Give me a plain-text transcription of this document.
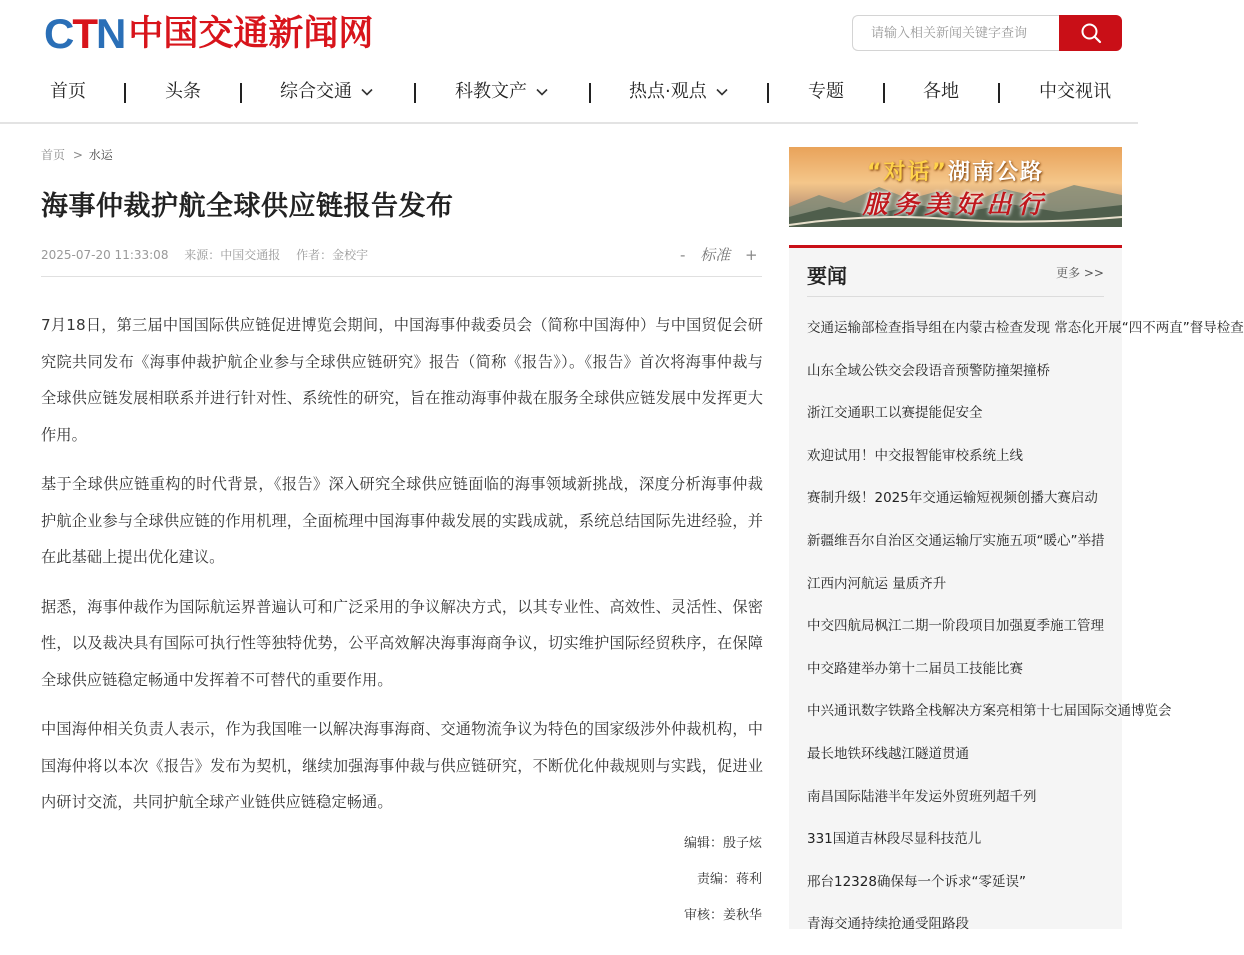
CTN 中国交通新闻网
请输入相关新闻关键字查询
首页	头条	综合交通	科教文产	热点·观点	专题	各地	中交视讯
首页 > 水运
海事仲裁护航全球供应链报告发布
2025-07-20 11:33:08 来源：中国交通报 作者：金校宇	- 标准 +

7月18日，第三届中国国际供应链促进博览会期间，中国海事仲裁委员会（简称中国海仲）与中国贸促会研究院共同发布《海事仲裁护航企业参与全球供应链研究》报告（简称《报告》）。《报告》首次将海事仲裁与全球供应链发展相联系并进行针对性、系统性的研究，旨在推动海事仲裁在服务全球供应链发展中发挥更大作用。

基于全球供应链重构的时代背景，《报告》深入研究全球供应链面临的海事领域新挑战，深度分析海事仲裁护航企业参与全球供应链的作用机理，全面梳理中国海事仲裁发展的实践成就，系统总结国际先进经验，并在此基础上提出优化建议。

据悉，海事仲裁作为国际航运界普遍认可和广泛采用的争议解决方式，以其专业性、高效性、灵活性、保密性，以及裁决具有国际可执行性等独特优势，公平高效解决海事海商争议，切实维护国际经贸秩序，在保障全球供应链稳定畅通中发挥着不可替代的重要作用。

中国海仲相关负责人表示，作为我国唯一以解决海事海商、交通物流争议为特色的国家级涉外仲裁机构，中国海仲将以本次《报告》发布为契机，继续加强海事仲裁与供应链研究，不断优化仲裁规则与实践，促进业内研讨交流，共同护航全球产业链供应链稳定畅通。

编辑：殷子炫
责编：蒋利
审核：姜秋华
“对话”湖南公路
服务美好出行
要闻	更多 >>
交通运输部检查指导组在内蒙古检查发现 常态化开展“四不两直”督导检查
山东全域公铁交会段语音预警防撞架撞桥
浙江交通职工以赛提能促安全
欢迎试用！中交报智能审校系统上线
赛制升级！2025年交通运输短视频创播大赛启动
新疆维吾尔自治区交通运输厅实施五项“暖心”举措
江西内河航运 量质齐升
中交四航局枫江二期一阶段项目加强夏季施工管理
中交路建举办第十二届员工技能比赛
中兴通讯数字铁路全栈解决方案亮相第十七届国际交通博览会
最长地铁环线越江隧道贯通
南昌国际陆港半年发运外贸班列超千列
331国道吉林段尽显科技范儿
邢台12328确保每一个诉求“零延误”
青海交通持续抢通受阻路段
